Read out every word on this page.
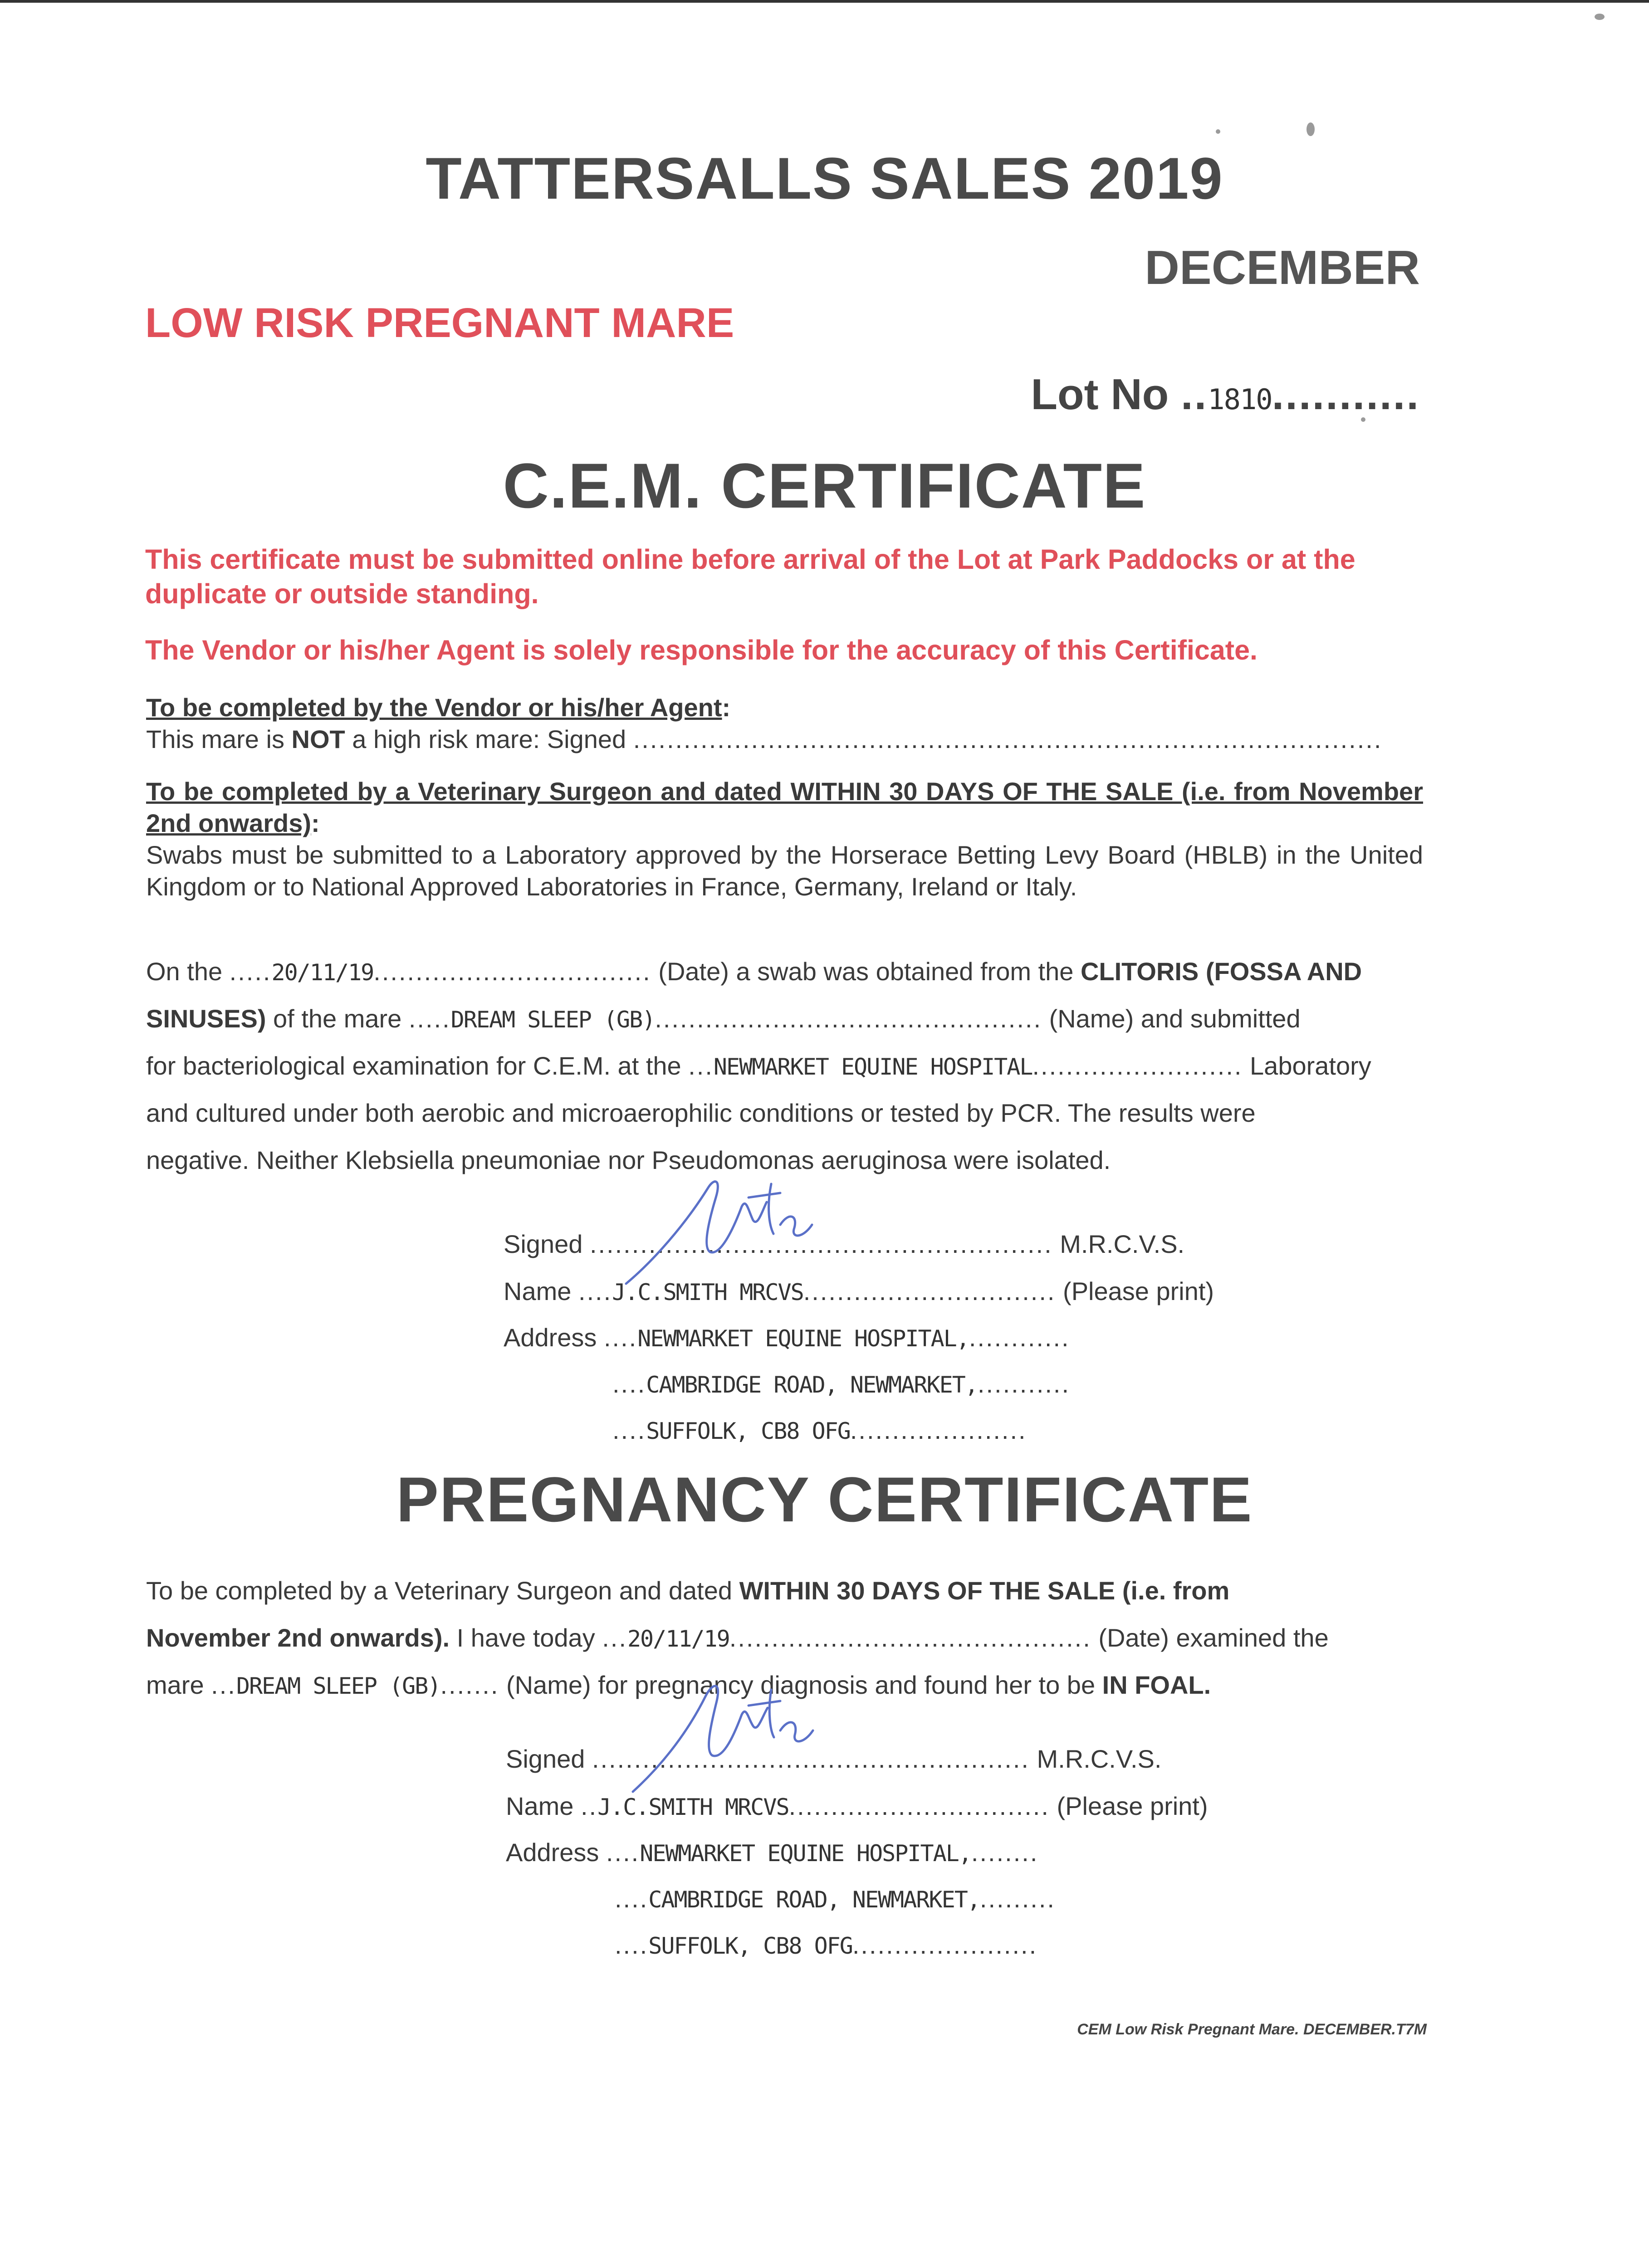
TATTERSALLS SALES 2019
DECEMBER
LOW RISK PREGNANT MARE
Lot No ..1810...........
C.E.M. CERTIFICATE
This certificate must be submitted online before arrival of the Lot at Park Paddocks or at the duplicate or outside standing.
The Vendor or his/her Agent is solely responsible for the accuracy of this Certificate.
To be completed by the Vendor or his/her Agent:
This mare is NOT a high risk mare: Signed .........................................................................................
To be completed by a Veterinary Surgeon and dated WITHIN 30 DAYS OF THE SALE (i.e. from November 2nd onwards):
Swabs must be submitted to a Laboratory approved by the Horserace Betting Levy Board (HBLB) in the United Kingdom or to National Approved Laboratories in France, Germany, Ireland or Italy.
On the .....20/11/19................................. (Date) a swab was obtained from the CLITORIS (FOSSA AND
SINUSES) of the mare .....DREAM SLEEP (GB).............................................. (Name) and submitted
for bacteriological examination for C.E.M. at the ...NEWMARKET EQUINE HOSPITAL......................... Laboratory
and cultured under both aerobic and microaerophilic conditions or tested by PCR. The results were
negative. Neither Klebsiella pneumoniae nor Pseudomonas aeruginosa were isolated.
Signed ....................................................... M.R.C.V.S.
Name ....J.C.SMITH MRCVS.............................. (Please print)
Address ....NEWMARKET EQUINE HOSPITAL,............
....CAMBRIDGE ROAD, NEWMARKET,...........
....SUFFOLK, CB8 OFG.....................
PREGNANCY CERTIFICATE
To be completed by a Veterinary Surgeon and dated WITHIN 30 DAYS OF THE SALE (i.e. from
November 2nd onwards). I have today ...20/11/19........................................... (Date) examined the
mare ...DREAM SLEEP (GB)....... (Name) for pregnancy diagnosis and found her to be IN FOAL.
Signed .................................................... M.R.C.V.S.
Name ..J.C.SMITH MRCVS............................... (Please print)
Address ....NEWMARKET EQUINE HOSPITAL,........
....CAMBRIDGE ROAD, NEWMARKET,.........
....SUFFOLK, CB8 OFG......................
CEM Low Risk Pregnant Mare. DECEMBER.T7M
